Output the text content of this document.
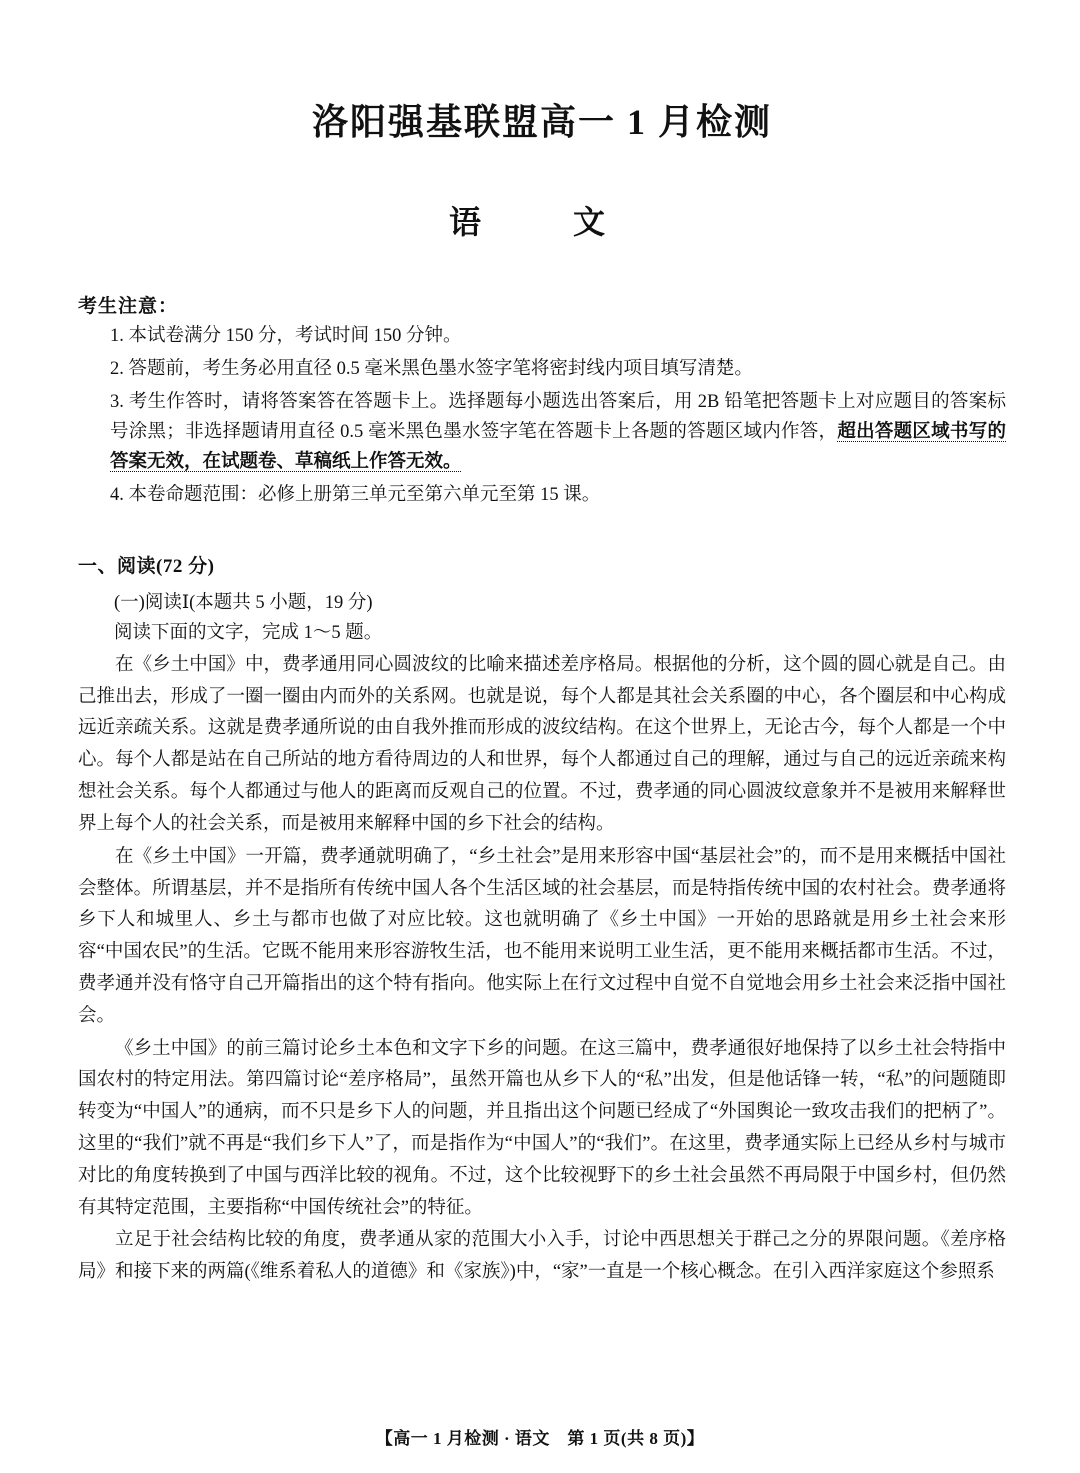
洛阳强基联盟高一 1 月检测
语　文
考生注意：
1. 本试卷满分 150 分，考试时间 150 分钟。
2. 答题前，考生务必用直径 0.5 毫米黑色墨水签字笔将密封线内项目填写清楚。
3. 考生作答时，请将答案答在答题卡上。选择题每小题选出答案后，用 2B 铅笔把答题卡上对应题目的答案标号涂黑；非选择题请用直径 0.5 毫米黑色墨水签字笔在答题卡上各题的答题区域内作答，超出答题区域书写的答案无效，在试题卷、草稿纸上作答无效。
4. 本卷命题范围：必修上册第三单元至第六单元至第 15 课。
一、阅读(72 分)
(一)阅读Ⅰ(本题共 5 小题，19 分)
阅读下面的文字，完成 1～5 题。

在《乡土中国》中，费孝通用同心圆波纹的比喻来描述差序格局。根据他的分析，这个圆的圆心就是自己。由己推出去，形成了一圈一圈由内而外的关系网。也就是说，每个人都是其社会关系圈的中心，各个圈层和中心构成远近亲疏关系。这就是费孝通所说的由自我外推而形成的波纹结构。在这个世界上，无论古今，每个人都是一个中心。每个人都是站在自己所站的地方看待周边的人和世界，每个人都通过自己的理解，通过与自己的远近亲疏来构想社会关系。每个人都通过与他人的距离而反观自己的位置。不过，费孝通的同心圆波纹意象并不是被用来解释世界上每个人的社会关系，而是被用来解释中国的乡下社会的结构。

在《乡土中国》一开篇，费孝通就明确了，“乡土社会”是用来形容中国“基层社会”的，而不是用来概括中国社会整体。所谓基层，并不是指所有传统中国人各个生活区域的社会基层，而是特指传统中国的农村社会。费孝通将乡下人和城里人、乡土与都市也做了对应比较。这也就明确了《乡土中国》一开始的思路就是用乡土社会来形容“中国农民”的生活。它既不能用来形容游牧生活，也不能用来说明工业生活，更不能用来概括都市生活。不过，费孝通并没有恪守自己开篇指出的这个特有指向。他实际上在行文过程中自觉不自觉地会用乡土社会来泛指中国社会。

《乡土中国》的前三篇讨论乡土本色和文字下乡的问题。在这三篇中，费孝通很好地保持了以乡土社会特指中国农村的特定用法。第四篇讨论“差序格局”，虽然开篇也从乡下人的“私”出发，但是他话锋一转，“私”的问题随即转变为“中国人”的通病，而不只是乡下人的问题，并且指出这个问题已经成了“外国舆论一致攻击我们的把柄了”。这里的“我们”就不再是“我们乡下人”了，而是指作为“中国人”的“我们”。在这里，费孝通实际上已经从乡村与城市对比的角度转换到了中国与西洋比较的视角。不过，这个比较视野下的乡土社会虽然不再局限于中国乡村，但仍然有其特定范围，主要指称“中国传统社会”的特征。

立足于社会结构比较的角度，费孝通从家的范围大小入手，讨论中西思想关于群己之分的界限问题。《差序格局》和接下来的两篇(《维系着私人的道德》和《家族》)中，“家”一直是一个核心概念。在引入西洋家庭这个参照系

【高一 1 月检测 · 语文　第 1 页(共 8 页)】
